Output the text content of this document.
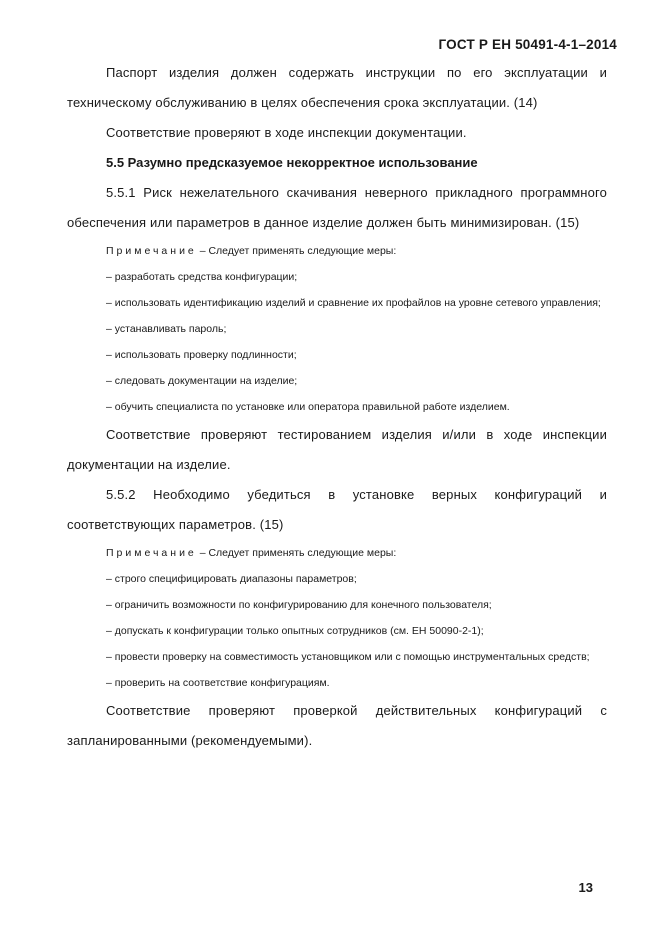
ГОСТ Р ЕН 50491-4-1–2014

Паспорт изделия должен содержать инструкции по его эксплуатации и техническому обслуживанию в целях обеспечения срока эксплуатации. (14)

Соответствие проверяют в ходе инспекции документации.

5.5 Разумно предсказуемое некорректное использование

5.5.1 Риск нежелательного скачивания неверного прикладного программного обеспечения или параметров в данное изделие должен быть минимизирован. (15)

Примечание – Следует применять следующие меры:

– разработать средства конфигурации;

– использовать идентификацию изделий и сравнение их профайлов на уровне сетевого управления;

– устанавливать пароль;

– использовать проверку подлинности;

– следовать документации на изделие;

– обучить специалиста по установке или оператора правильной работе изделием.

Соответствие проверяют тестированием изделия и/или в ходе инспекции документации на изделие.

5.5.2 Необходимо убедиться в установке верных конфигураций и соответствующих параметров. (15)

Примечание – Следует применять следующие меры:

– строго специфицировать диапазоны параметров;

– ограничить возможности по конфигурированию для конечного пользователя;

– допускать к конфигурации только опытных сотрудников (см. ЕН 50090-2-1);

– провести проверку на совместимость установщиком или с помощью инструментальных средств;

– проверить на соответствие конфигурациям.

Соответствие проверяют проверкой действительных конфигураций с запланированными (рекомендуемыми).

13
